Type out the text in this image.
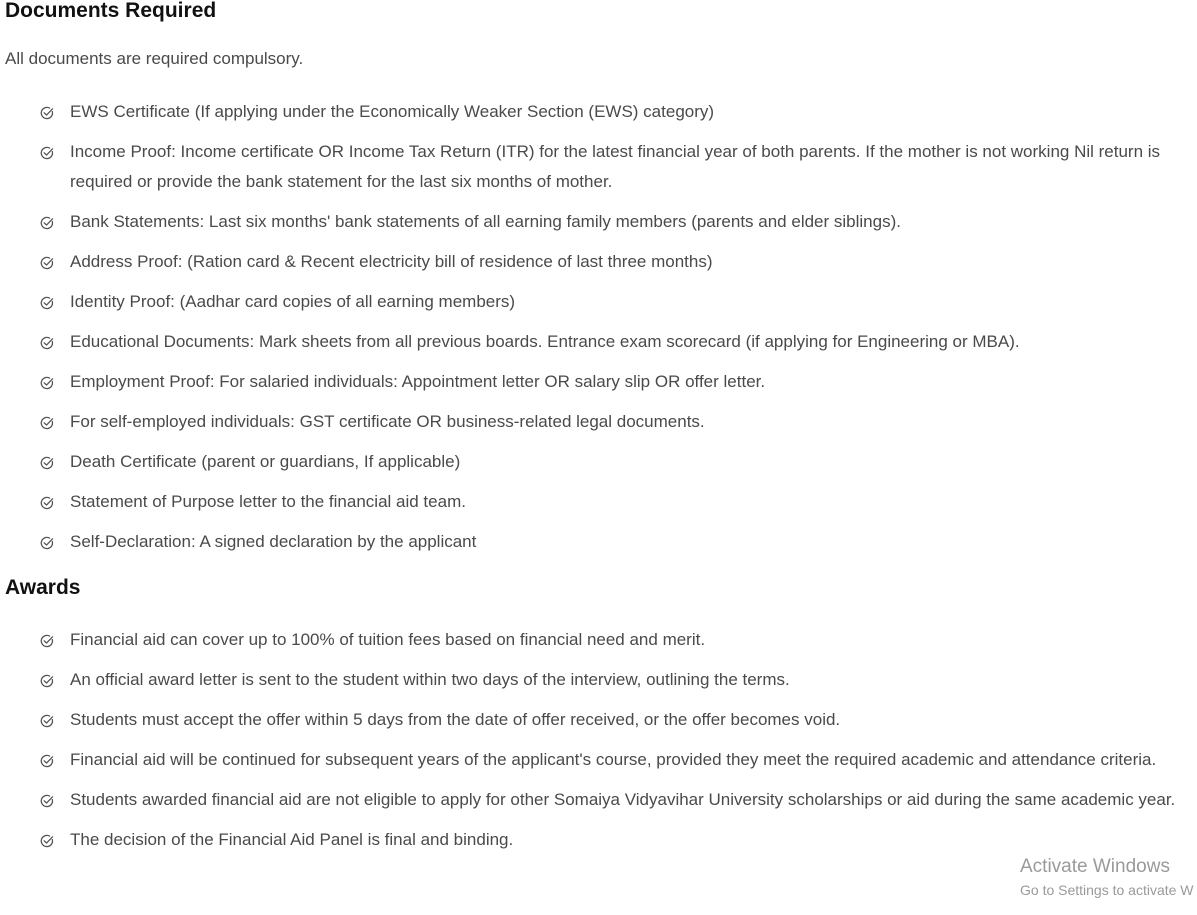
Documents Required

All documents are required compulsory.

EWS Certificate (If applying under the Economically Weaker Section (EWS) category)
Income Proof: Income certificate OR Income Tax Return (ITR) for the latest financial year of both parents. If the mother is not working Nil return is required or provide the bank statement for the last six months of mother.
Bank Statements: Last six months' bank statements of all earning family members (parents and elder siblings).
Address Proof: (Ration card & Recent electricity bill of residence of last three months)
Identity Proof: (Aadhar card copies of all earning members)
Educational Documents: Mark sheets from all previous boards. Entrance exam scorecard (if applying for Engineering or MBA).
Employment Proof: For salaried individuals: Appointment letter OR salary slip OR offer letter.
For self-employed individuals: GST certificate OR business-related legal documents.
Death Certificate (parent or guardians, If applicable)
Statement of Purpose letter to the financial aid team.
Self-Declaration: A signed declaration by the applicant
Awards
Financial aid can cover up to 100% of tuition fees based on financial need and merit.
An official award letter is sent to the student within two days of the interview, outlining the terms.
Students must accept the offer within 5 days from the date of offer received, or the offer becomes void.
Financial aid will be continued for subsequent years of the applicant's course, provided they meet the required academic and attendance criteria.
Students awarded financial aid are not eligible to apply for other Somaiya Vidyavihar University scholarships or aid during the same academic year.
The decision of the Financial Aid Panel is final and binding.
Activate Windows
Go to Settings to activate W
